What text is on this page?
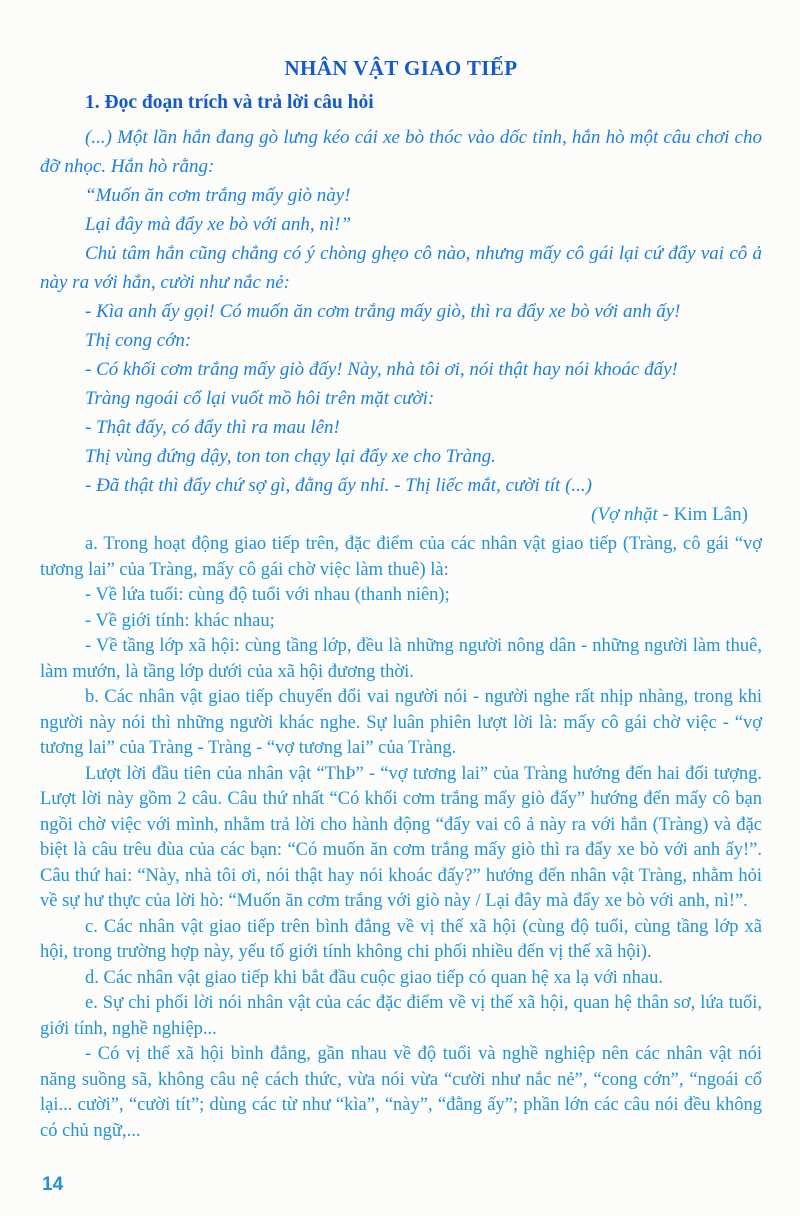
NHÂN VẬT GIAO TIẾP
1. Đọc đoạn trích và trả lời câu hỏi

(...) Một lần hắn đang gò lưng kéo cái xe bò thóc vào dốc tỉnh, hắn hò một câu chơi cho đỡ nhọc. Hắn hò rằng:

“Muốn ăn cơm trắng mấy giò này!

Lại đây mà đẩy xe bò với anh, nì!”

Chủ tâm hắn cũng chẳng có ý chòng ghẹo cô nào, nhưng mấy cô gái lại cứ đẩy vai cô ả này ra với hắn, cười như nắc nẻ:

- Kìa anh ấy gọi! Có muốn ăn cơm trắng mấy giò, thì ra đẩy xe bò với anh ấy!

Thị cong cớn:

- Có khối cơm trắng mấy giò đấy! Này, nhà tôi ơi, nói thật hay nói khoác đấy!

Tràng ngoái cổ lại vuốt mồ hôi trên mặt cười:

- Thật đấy, có đẩy thì ra mau lên!

Thị vùng đứng dậy, ton ton chạy lại đẩy xe cho Tràng.

- Đã thật thì đẩy chứ sợ gì, đằng ấy nhỉ. - Thị liếc mắt, cười tít (...)

(Vợ nhặt - Kim Lân)

a. Trong hoạt động giao tiếp trên, đặc điểm của các nhân vật giao tiếp (Tràng, cô gái “vợ tương lai” của Tràng, mấy cô gái chờ việc làm thuê) là:

- Về lứa tuổi: cùng độ tuổi với nhau (thanh niên);

- Về giới tính: khác nhau;

- Về tầng lớp xã hội: cùng tầng lớp, đều là những người nông dân - những người làm thuê, làm mướn, là tầng lớp dưới của xã hội đương thời.

b. Các nhân vật giao tiếp chuyển đổi vai người nói - người nghe rất nhịp nhàng, trong khi người này nói thì những người khác nghe. Sự luân phiên lượt lời là: mấy cô gái chờ việc - “vợ tương lai” của Tràng - Tràng - “vợ tương lai” của Tràng.

Lượt lời đầu tiên của nhân vật “ThÞ” - “vợ tương lai” của Tràng hướng đến hai đối tượng. Lượt lời này gồm 2 câu. Câu thứ nhất “Có khối cơm trắng mấy giò đấy” hướng đến mấy cô bạn ngồi chờ việc với mình, nhằm trả lời cho hành động “đẩy vai cô ả này ra với hắn (Tràng) và đặc biệt là câu trêu đùa của các bạn: “Có muốn ăn cơm trắng mấy giò thì ra đẩy xe bò với anh ấy!”. Câu thứ hai: “Này, nhà tôi ơi, nói thật hay nói khoác đấy?” hướng đến nhân vật Tràng, nhằm hỏi về sự hư thực của lời hò: “Muốn ăn cơm trắng với giò này / Lại đây mà đẩy xe bò với anh, nì!”.

c. Các nhân vật giao tiếp trên bình đẳng về vị thế xã hội (cùng độ tuổi, cùng tầng lớp xã hội, trong trường hợp này, yếu tố giới tính không chi phối nhiều đến vị thế xã hội).

d. Các nhân vật giao tiếp khi bắt đầu cuộc giao tiếp có quan hệ xa lạ với nhau.

e. Sự chi phối lời nói nhân vật của các đặc điểm về vị thế xã hội, quan hệ thân sơ, lứa tuổi, giới tính, nghề nghiệp...

- Có vị thế xã hội bình đẳng, gần nhau về độ tuổi và nghề nghiệp nên các nhân vật nói năng suồng sã, không câu nệ cách thức, vừa nói vừa “cười như nắc nẻ”, “cong cớn”, “ngoái cổ lại... cười”, “cười tít”; dùng các từ như “kìa”, “này”, “đằng ấy”; phần lớn các câu nói đều không có chủ ngữ,...

14
